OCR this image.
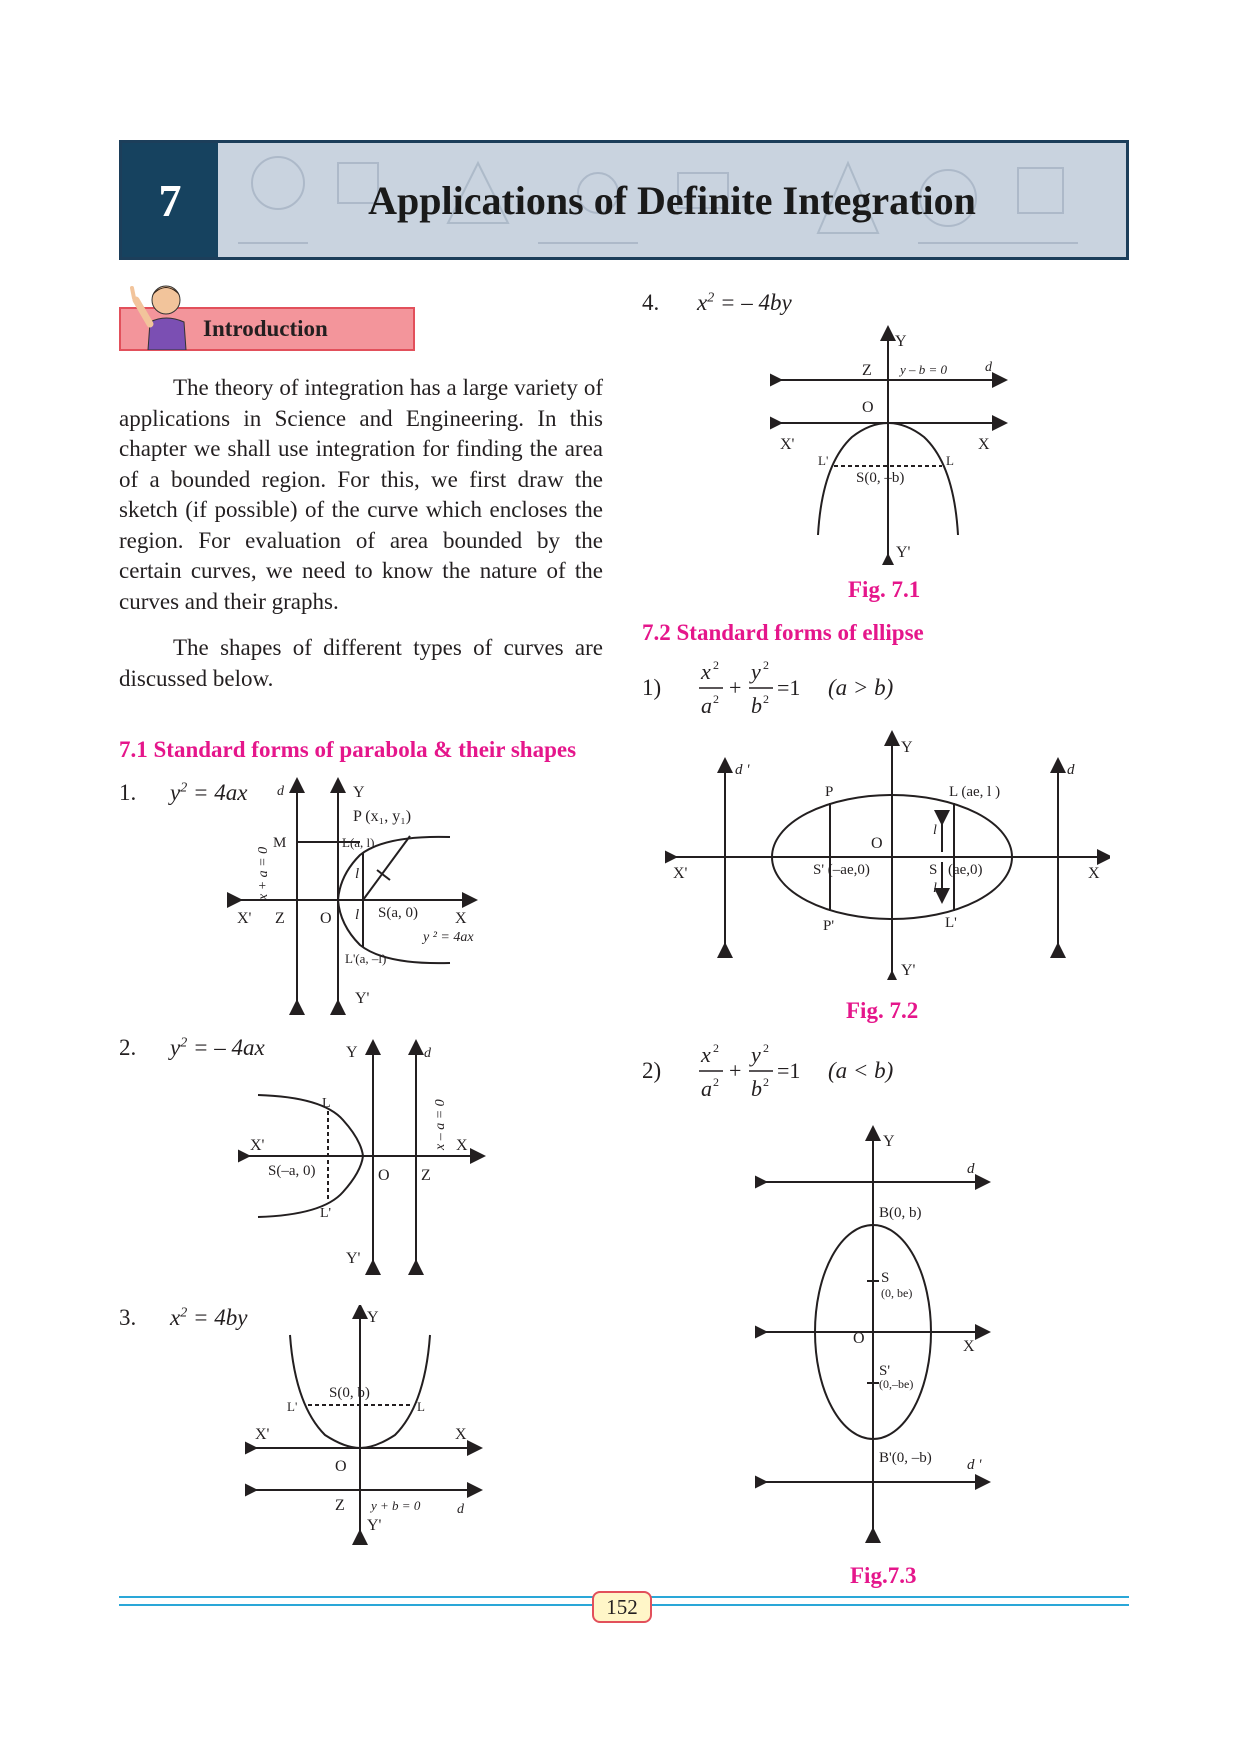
7	Applications of Definite Integration
Introduction
The theory of integration has a large variety of applications in Science and Engineering. In this chapter we shall use integration for finding the area of a bounded region. For this, we first draw the sketch (if possible) of the curve which encloses the region. For evaluation of area bounded by the certain curves, we need to know the nature of the curves and their graphs.
The shapes of different types of curves are discussed below.
7.1 Standard forms of parabola & their shapes
1. $y^2 = 4ax$ d	Y
P (x₁, y₁)
M	L(a, l)
l
l
X' Z O	S(a, 0) X
y ² = 4ax
L'(a, –l)
Y'
x + a = 0
2. $y^2$ = – 4ax	Y	d
L
X'	X
S(–a, 0)	O Z
L'
Y'
x – a = 0
3. $x^2 = 4by$	Y
S(0, b)
L'	L
X'	X
O
Z y + b = 0	d
Y'
4. $x^2$ = – 4by
Y
Z y – b = 0	d
O
X'	X
L'	L
S(0, –b)
Y'
Fig. 7.1
7.2 Standard forms of ellipse
1)
x 2
a 2 +
y 2
b 2 =1 (a > b)
Y
d '	d
P	L (ae, l )
O
X'	S' (–ae,0)	S (ae,0)	X
l
l
P'	L'
Y'
Fig. 7.2
2)
x 2
a 2 +
y 2
b 2 =1 (a < b)
Y
d
B(0, b)
S
(0, be)
O	X
S'
(0,–be)
B'(0, –b) d '
Fig.7.3
152
